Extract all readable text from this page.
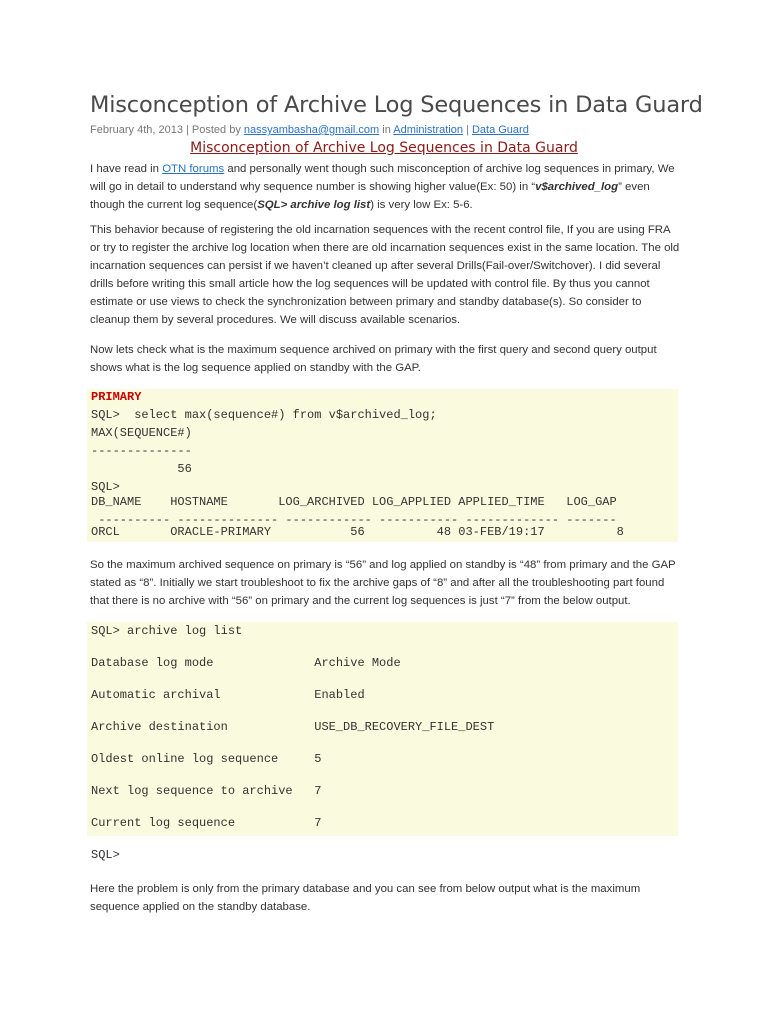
Misconception of Archive Log Sequences in Data Guard
February 4th, 2013 | Posted by nassyambasha@gmail.com in Administration | Data Guard
Misconception of Archive Log Sequences in Data Guard
I have read in OTN forums and personally went though such misconception of archive log sequences in primary, We
will go in detail to understand why sequence number is showing higher value(Ex: 50) in “v$archived_log” even
though the current log sequence(SQL> archive log list) is very low Ex: 5-6.
This behavior because of registering the old incarnation sequences with the recent control file, If you are using FRA
or try to register the archive log location when there are old incarnation sequences exist in the same location. The old
incarnation sequences can persist if we haven’t cleaned up after several Drills(Fail-over/Switchover). I did several
drills before writing this small article how the log sequences will be updated with control file. By thus you cannot
estimate or use views to check the synchronization between primary and standby database(s). So consider to
cleanup them by several procedures. We will discuss available scenarios.
Now lets check what is the maximum sequence archived on primary with the first query and second query output
shows what is the log sequence applied on standby with the GAP.
PRIMARY
SQL>  select max(sequence#) from v$archived_log;
MAX(SEQUENCE#)
--------------
56
SQL>
DB_NAME    HOSTNAME       LOG_ARCHIVED LOG_APPLIED APPLIED_TIME   LOG_GAP
---------- -------------- ------------ ----------- ------------- -------
ORCL       ORACLE-PRIMARY           56          48 03-FEB/19:17          8
So the maximum archived sequence on primary is “56” and log applied on standby is “48” from primary and the GAP
stated as “8”. Initially we start troubleshoot to fix the archive gaps of “8” and after all the troubleshooting part found
that there is no archive with “56” on primary and the current log sequences is just “7” from the below output.
SQL> archive log list
Database log mode              Archive Mode
Automatic archival             Enabled
Archive destination            USE_DB_RECOVERY_FILE_DEST
Oldest online log sequence     5
Next log sequence to archive   7
Current log sequence           7
SQL>
Here the problem is only from the primary database and you can see from below output what is the maximum
sequence applied on the standby database.
